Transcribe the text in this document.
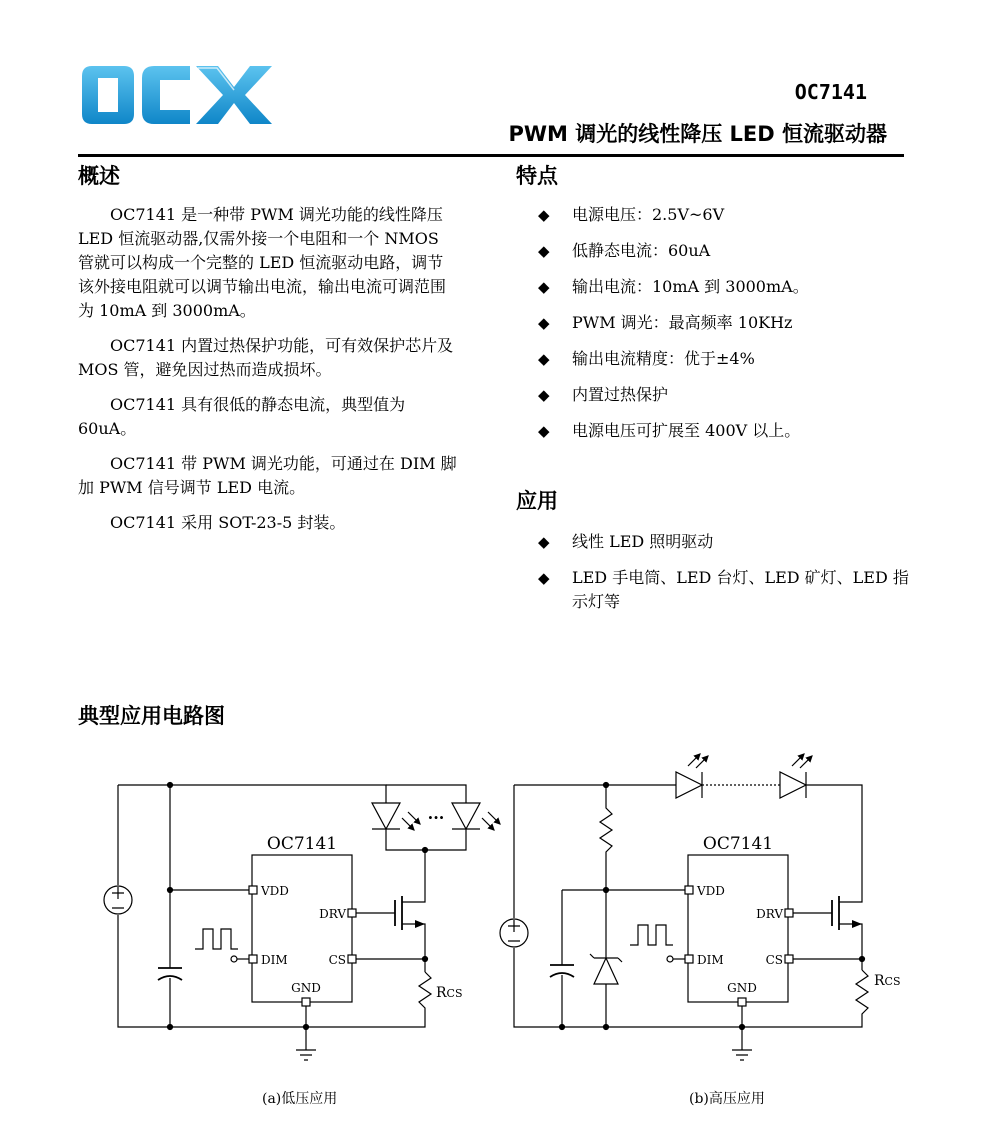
OC7141
PWM 调光的线性降压 LED 恒流驱动器
概述

OC7141 是一种带 PWM 调光功能的线性降压 LED 恒流驱动器,仅需外接一个电阻和一个 NMOS 管就可以构成一个完整的 LED 恒流驱动电路，调节该外接电阻就可以调节输出电流，输出电流可调范围为 10mA 到 3000mA。

OC7141 内置过热保护功能，可有效保护芯片及 MOS 管，避免因过热而造成损坏。

OC7141 具有很低的静态电流，典型值为 60uA。

OC7141 带 PWM 调光功能，可通过在 DIM 脚加 PWM 信号调节 LED 电流。

OC7141 采用 SOT-23-5 封装。

特点
◆ 电源电压：2.5V~6V
◆ 低静态电流：60uA
◆ 输出电流：10mA 到 3000mA。
◆ PWM 调光：最高频率 10KHz
◆ 输出电流精度：优于±4%
◆ 内置过热保护
◆ 电源电压可扩展至 400V 以上。
应用
◆ 线性 LED 照明驱动
◆ LED 手电筒、LED 台灯、LED 矿灯、LED 指示灯等
典型应用电路图
OC7141
VDD
DIM
DRV
CS
GND	RCS
···
OC7141
VDD
DIM
DRV
CS
GND	RCS
(a)低压应用	(b)高压应用
